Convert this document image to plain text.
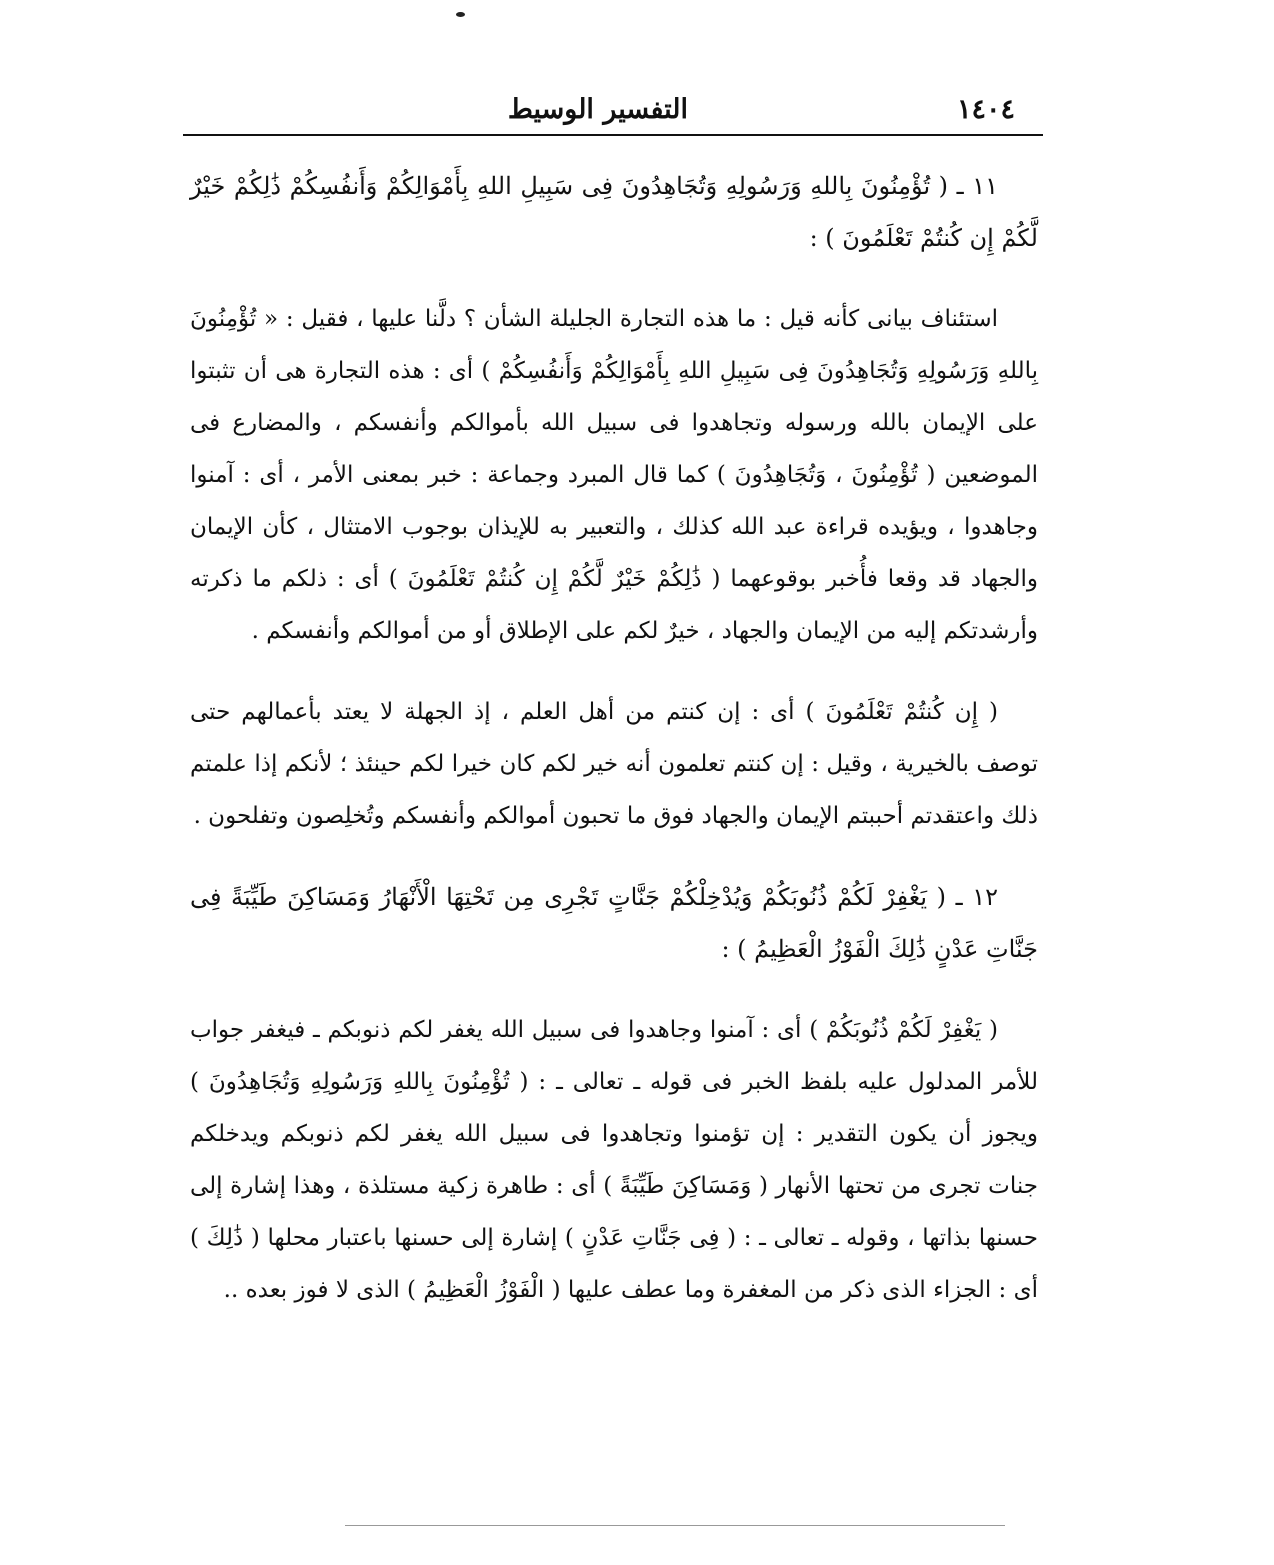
١٤٠٤
التفسير الوسيط

١١ ـ ( تُؤْمِنُونَ بِاللهِ وَرَسُولِهِ وَتُجَاهِدُونَ فِى سَبِيلِ اللهِ بِأَمْوَالِكُمْ وَأَنفُسِكُمْ ذَٰلِكُمْ خَيْرٌ لَّكُمْ إِن كُنتُمْ تَعْلَمُونَ ) :

استئناف بيانى كأنه قيل : ما هذه التجارة الجليلة الشأن ؟ دلَّنا عليها ، فقيل : « تُؤْمِنُونَ بِاللهِ وَرَسُولِهِ وَتُجَاهِدُونَ فِى سَبِيلِ اللهِ بِأَمْوَالِكُمْ وَأَنفُسِكُمْ ) أى : هذه التجارة هى أن تثبتوا على الإيمان بالله ورسوله وتجاهدوا فى سبيل الله بأموالكم وأنفسكم ، والمضارع فى الموضعين ( تُؤْمِنُونَ ، وَتُجَاهِدُونَ ) كما قال المبرد وجماعة : خبر بمعنى الأمر ، أى : آمنوا وجاهدوا ، ويؤيده قراءة عبد الله كذلك ، والتعبير به للإيذان بوجوب الامتثال ، كأن الإيمان والجهاد قد وقعا فأُخبر بوقوعهما ( ذَٰلِكُمْ خَيْرٌ لَّكُمْ إِن كُنتُمْ تَعْلَمُونَ ) أى : ذلكم ما ذكرته وأرشدتكم إليه من الإيمان والجهاد ، خيرٌ لكم على الإطلاق أو من أموالكم وأنفسكم .

( إِن كُنتُمْ تَعْلَمُونَ ) أى : إن كنتم من أهل العلم ، إذ الجهلة لا يعتد بأعمالهم حتى توصف بالخيرية ، وقيل : إن كنتم تعلمون أنه خير لكم كان خيرا لكم حينئذ ؛ لأنكم إذا علمتم ذلك واعتقدتم أحببتم الإيمان والجهاد فوق ما تحبون أموالكم وأنفسكم وتُخلِصون وتفلحون .

١٢ ـ ( يَغْفِرْ لَكُمْ ذُنُوبَكُمْ وَيُدْخِلْكُمْ جَنَّاتٍ تَجْرِى مِن تَحْتِهَا الْأَنْهَارُ وَمَسَاكِنَ طَيِّبَةً فِى جَنَّاتِ عَدْنٍ ذَٰلِكَ الْفَوْزُ الْعَظِيمُ ) :

( يَغْفِرْ لَكُمْ ذُنُوبَكُمْ ) أى : آمنوا وجاهدوا فى سبيل الله يغفر لكم ذنوبكم ـ فيغفر جواب للأمر المدلول عليه بلفظ الخبر فى قوله ـ تعالى ـ : ( تُؤْمِنُونَ بِاللهِ وَرَسُولِهِ وَتُجَاهِدُونَ ) ويجوز أن يكون التقدير : إن تؤمنوا وتجاهدوا فى سبيل الله يغفر لكم ذنوبكم ويدخلكم جنات تجرى من تحتها الأنهار ( وَمَسَاكِنَ طَيِّبَةً ) أى : طاهرة زكية مستلذة ، وهذا إشارة إلى حسنها بذاتها ، وقوله ـ تعالى ـ : ( فِى جَنَّاتِ عَدْنٍ ) إشارة إلى حسنها باعتبار محلها ( ذَٰلِكَ ) أى : الجزاء الذى ذكر من المغفرة وما عطف عليها ( الْفَوْزُ الْعَظِيمُ ) الذى لا فوز بعده ..
